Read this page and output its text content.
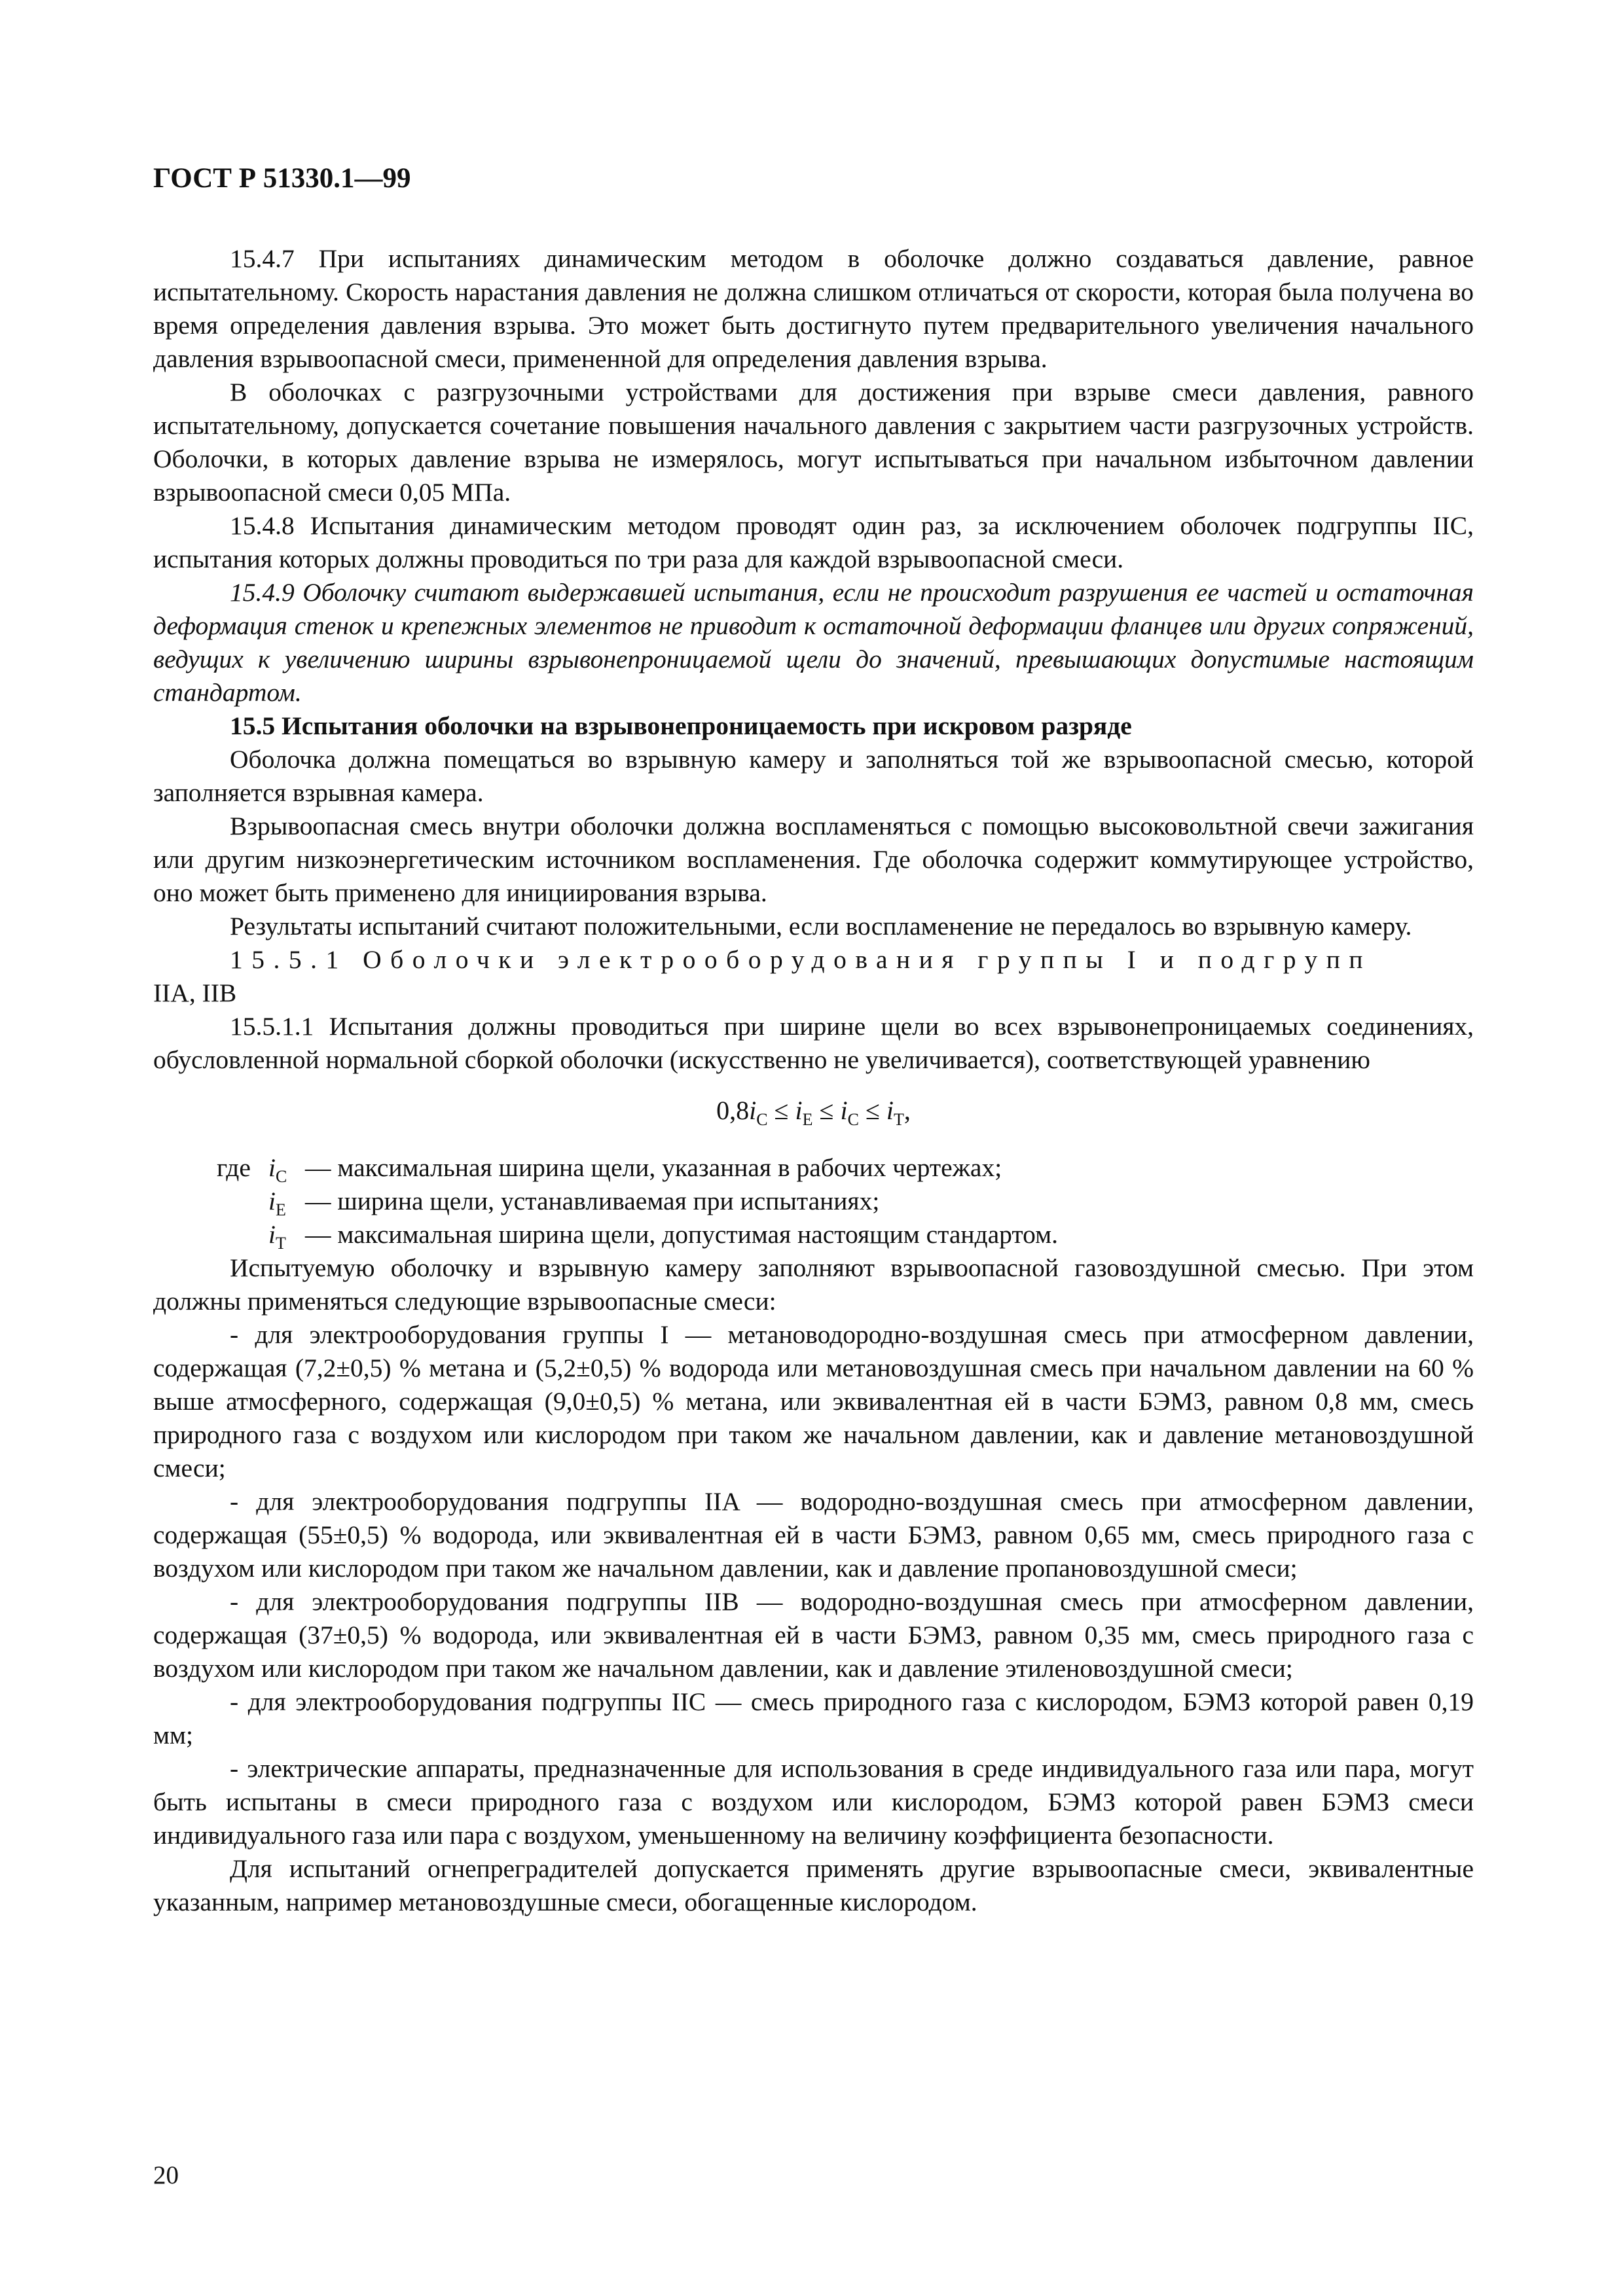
ГОСТ Р 51330.1—99

15.4.7 При испытаниях динамическим методом в оболочке должно создаваться давление, равное испытательному. Скорость нарастания давления не должна слишком отличаться от скорости, которая была получена во время определения давления взрыва. Это может быть достигнуто путем предварительного увеличения начального давления взрывоопасной смеси, примененной для определения давления взрыва.

В оболочках с разгрузочными устройствами для достижения при взрыве смеси давления, равного испытательному, допускается сочетание повышения начального давления с закрытием части разгрузочных устройств. Оболочки, в которых давление взрыва не измерялось, могут испытываться при начальном избыточном давлении взрывоопасной смеси 0,05 МПа.

15.4.8 Испытания динамическим методом проводят один раз, за исключением оболочек подгруппы IIC, испытания которых должны проводиться по три раза для каждой взрывоопасной смеси.

15.4.9 Оболочку считают выдержавшей испытания, если не происходит разрушения ее частей и остаточная деформация стенок и крепежных элементов не приводит к остаточной деформации фланцев или других сопряжений, ведущих к увеличению ширины взрывонепроницаемой щели до значений, превышающих допустимые настоящим стандартом.

15.5 Испытания оболочки на взрывонепроницаемость при искровом разряде

Оболочка должна помещаться во взрывную камеру и заполняться той же взрывоопасной смесью, которой заполняется взрывная камера.

Взрывоопасная смесь внутри оболочки должна воспламеняться с помощью высоковольтной свечи зажигания или другим низкоэнергетическим источником воспламенения. Где оболочка содержит коммутирующее устройство, оно может быть применено для инициирования взрыва.

Результаты испытаний считают положительными, если воспламенение не передалось во взрывную камеру.

15.5.1 Оболочки электрооборудования группы I и подгрупп

IIA, IIB

15.5.1.1 Испытания должны проводиться при ширине щели во всех взрывонепроницаемых соединениях, обусловленной нормальной сборкой оболочки (искусственно не увеличивается), соответствующей уравнению

$0,8i_C \le i_E \le i_C \le i_T$,
где $i_C$ — максимальная ширина щели, указанная в рабочих чертежах;
$i_E$ — ширина щели, устанавливаемая при испытаниях;
$i_T$ — максимальная ширина щели, допустимая настоящим стандартом.

Испытуемую оболочку и взрывную камеру заполняют взрывоопасной газовоздушной смесью. При этом должны применяться следующие взрывоопасные смеси:

- для электрооборудования группы I — метановодородно-воздушная смесь при атмосферном давлении, содержащая (7,2±0,5) % метана и (5,2±0,5) % водорода или метановоздушная смесь при начальном давлении на 60 % выше атмосферного, содержащая (9,0±0,5) % метана, или эквивалентная ей в части БЭМЗ, равном 0,8 мм, смесь природного газа с воздухом или кислородом при таком же начальном давлении, как и давление метановоздушной смеси;

- для электрооборудования подгруппы IIA — водородно-воздушная смесь при атмосферном давлении, содержащая (55±0,5) % водорода, или эквивалентная ей в части БЭМЗ, равном 0,65 мм, смесь природного газа с воздухом или кислородом при таком же начальном давлении, как и давление пропановоздушной смеси;

- для электрооборудования подгруппы IIB — водородно-воздушная смесь при атмосферном давлении, содержащая (37±0,5) % водорода, или эквивалентная ей в части БЭМЗ, равном 0,35 мм, смесь природного газа с воздухом или кислородом при таком же начальном давлении, как и давление этиленовоздушной смеси;

- для электрооборудования подгруппы IIC — смесь природного газа с кислородом, БЭМЗ которой равен 0,19 мм;

- электрические аппараты, предназначенные для использования в среде индивидуального газа или пара, могут быть испытаны в смеси природного газа с воздухом или кислородом, БЭМЗ которой равен БЭМЗ смеси индивидуального газа или пара с воздухом, уменьшенному на величину коэффициента безопасности.

Для испытаний огнепреградителей допускается применять другие взрывоопасные смеси, эквивалентные указанным, например метановоздушные смеси, обогащенные кислородом.

20
